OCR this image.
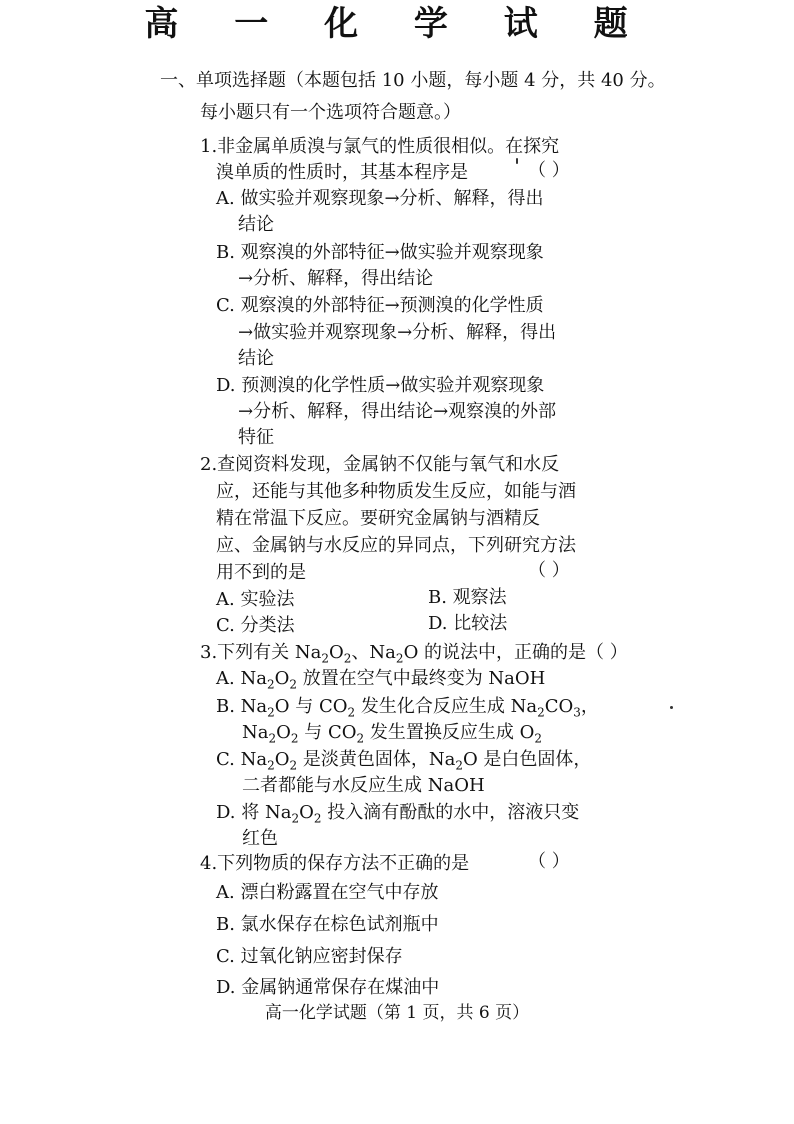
高 一 化 学 试 题
一、单项选择题（本题包括 10 小题，每小题 4 分，共 40 分。
每小题只有一个选项符合题意。）
1.非金属单质溴与氯气的性质很相似。在探究
溴单质的性质时，其基本程序是	（ ）
A. 做实验并观察现象→分析、解释，得出
结论
B. 观察溴的外部特征→做实验并观察现象
→分析、解释，得出结论
C. 观察溴的外部特征→预测溴的化学性质
→做实验并观察现象→分析、解释，得出
结论
D. 预测溴的化学性质→做实验并观察现象
→分析、解释，得出结论→观察溴的外部
特征
2.查阅资料发现，金属钠不仅能与氧气和水反
应，还能与其他多种物质发生反应，如能与酒
精在常温下反应。要研究金属钠与酒精反
应、金属钠与水反应的异同点，下列研究方法
用不到的是	（ ）
A. 实验法	B. 观察法
C. 分类法	D. 比较法
3.下列有关 $Na_2O_2$、$Na_2O$ 的说法中，正确的是（ ）
A. $Na_2O_2$ 放置在空气中最终变为 NaOH
B. $Na_2O$ 与 $CO_2$ 发生化合反应生成 $Na_2CO_3$，
$Na_2O_2$ 与 $CO_2$ 发生置换反应生成 $O_2$
C. $Na_2O_2$ 是淡黄色固体，$Na_2O$ 是白色固体，
二者都能与水反应生成 NaOH
D. 将 $Na_2O_2$ 投入滴有酚酞的水中，溶液只变
红色
4.下列物质的保存方法不正确的是	（ ）
A. 漂白粉露置在空气中存放
B. 氯水保存在棕色试剂瓶中
C. 过氧化钠应密封保存
D. 金属钠通常保存在煤油中
高一化学试题（第 1 页，共 6 页）
